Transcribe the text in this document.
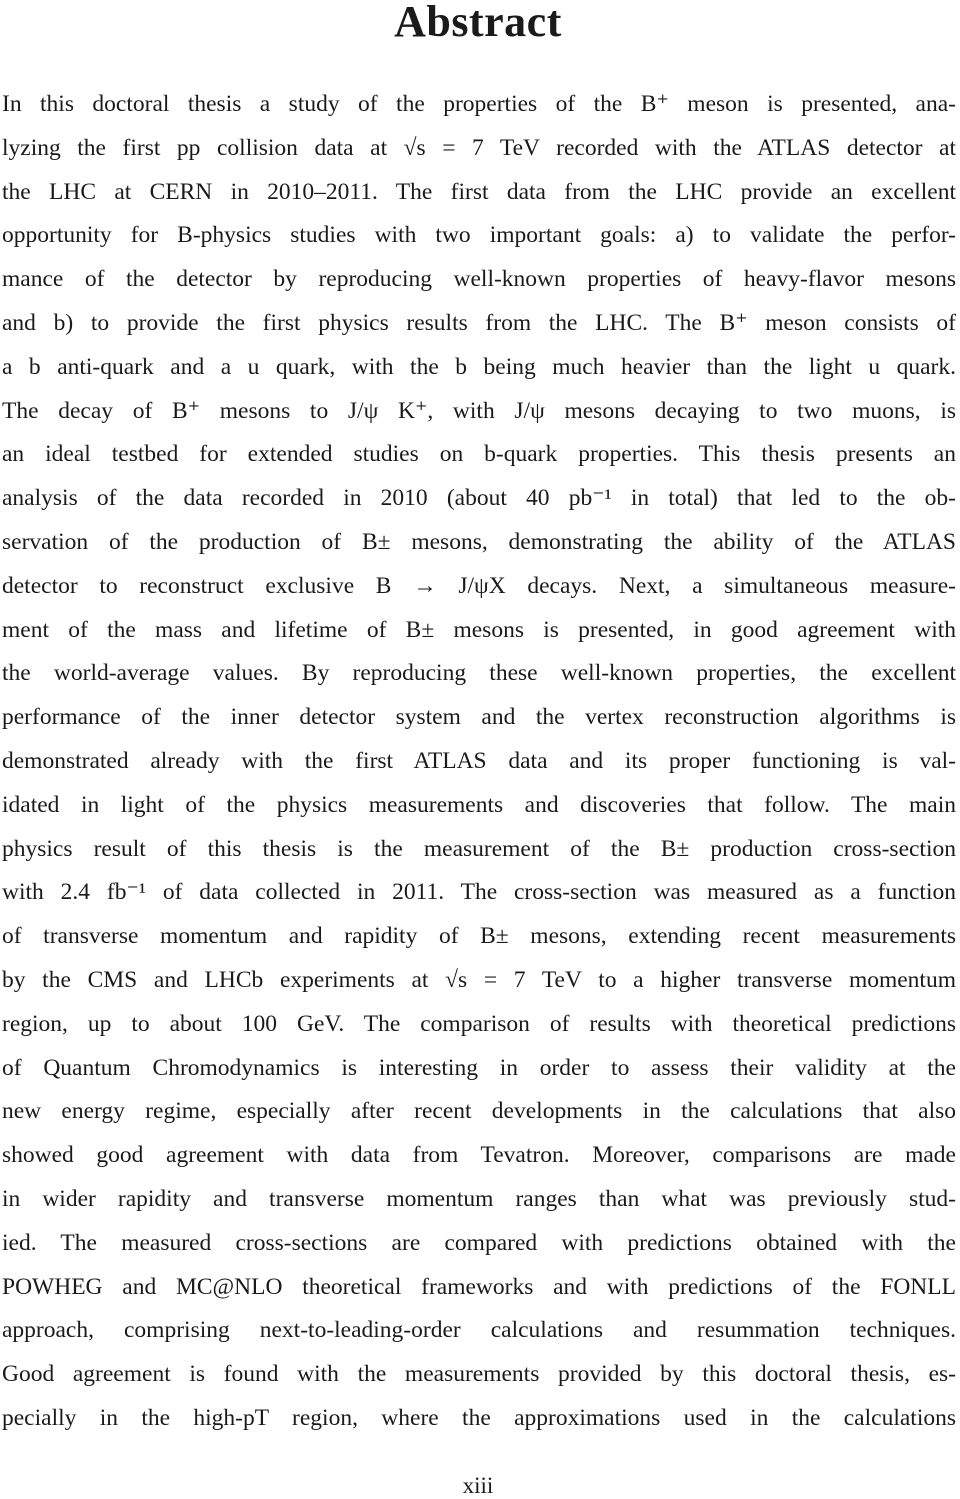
Abstract
In this doctoral thesis a study of the properties of the B⁺ meson is presented, ana-
lyzing the first pp collision data at √s = 7 TeV recorded with the ATLAS detector at
the LHC at CERN in 2010–2011. The first data from the LHC provide an excellent
opportunity for B-physics studies with two important goals: a) to validate the perfor-
mance of the detector by reproducing well-known properties of heavy-flavor mesons
and b) to provide the first physics results from the LHC. The B⁺ meson consists of
a b anti-quark and a u quark, with the b being much heavier than the light u quark.
The decay of B⁺ mesons to J/ψ K⁺, with J/ψ mesons decaying to two muons, is
an ideal testbed for extended studies on b-quark properties. This thesis presents an
analysis of the data recorded in 2010 (about 40 pb⁻¹ in total) that led to the ob-
servation of the production of B± mesons, demonstrating the ability of the ATLAS
detector to reconstruct exclusive B → J/ψX decays. Next, a simultaneous measure-
ment of the mass and lifetime of B± mesons is presented, in good agreement with
the world-average values. By reproducing these well-known properties, the excellent
performance of the inner detector system and the vertex reconstruction algorithms is
demonstrated already with the first ATLAS data and its proper functioning is val-
idated in light of the physics measurements and discoveries that follow. The main
physics result of this thesis is the measurement of the B± production cross-section
with 2.4 fb⁻¹ of data collected in 2011. The cross-section was measured as a function
of transverse momentum and rapidity of B± mesons, extending recent measurements
by the CMS and LHCb experiments at √s = 7 TeV to a higher transverse momentum
region, up to about 100 GeV. The comparison of results with theoretical predictions
of Quantum Chromodynamics is interesting in order to assess their validity at the
new energy regime, especially after recent developments in the calculations that also
showed good agreement with data from Tevatron. Moreover, comparisons are made
in wider rapidity and transverse momentum ranges than what was previously stud-
ied. The measured cross-sections are compared with predictions obtained with the
POWHEG and MC@NLO theoretical frameworks and with predictions of the FONLL
approach, comprising next-to-leading-order calculations and resummation techniques.
Good agreement is found with the measurements provided by this doctoral thesis, es-
pecially in the high-pT region, where the approximations used in the calculations
xiii
